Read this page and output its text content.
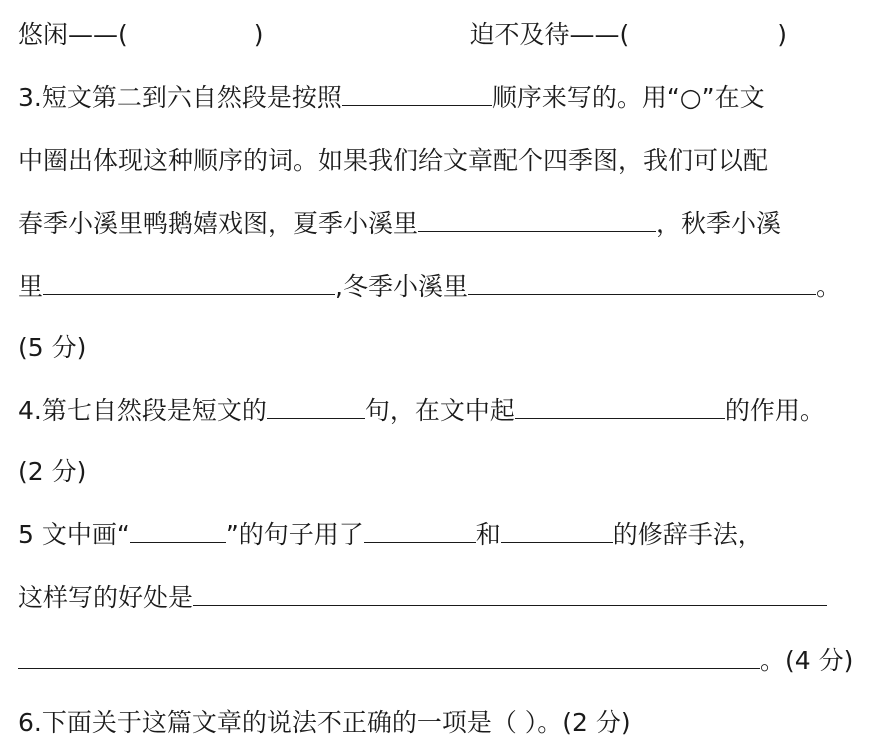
悠闲——(	)	迫不及待——(	)
3.短文第二到六自然段是按照	顺序来写的。用“○”在文
中圈出体现这种顺序的词。如果我们给文章配个四季图，我们可以配
春季小溪里鸭鹅嬉戏图，夏季小溪里	，秋季小溪
里	,冬季小溪里	。
(5 分)
4.第七自然段是短文的	句，在文中起	的作用。
(2 分)
5 文中画“	”的句子用了	和	的修辞手法，
这样写的好处是
。(4 分)
6.下面关于这篇文章的说法不正确的一项是（ ）。(2 分)
